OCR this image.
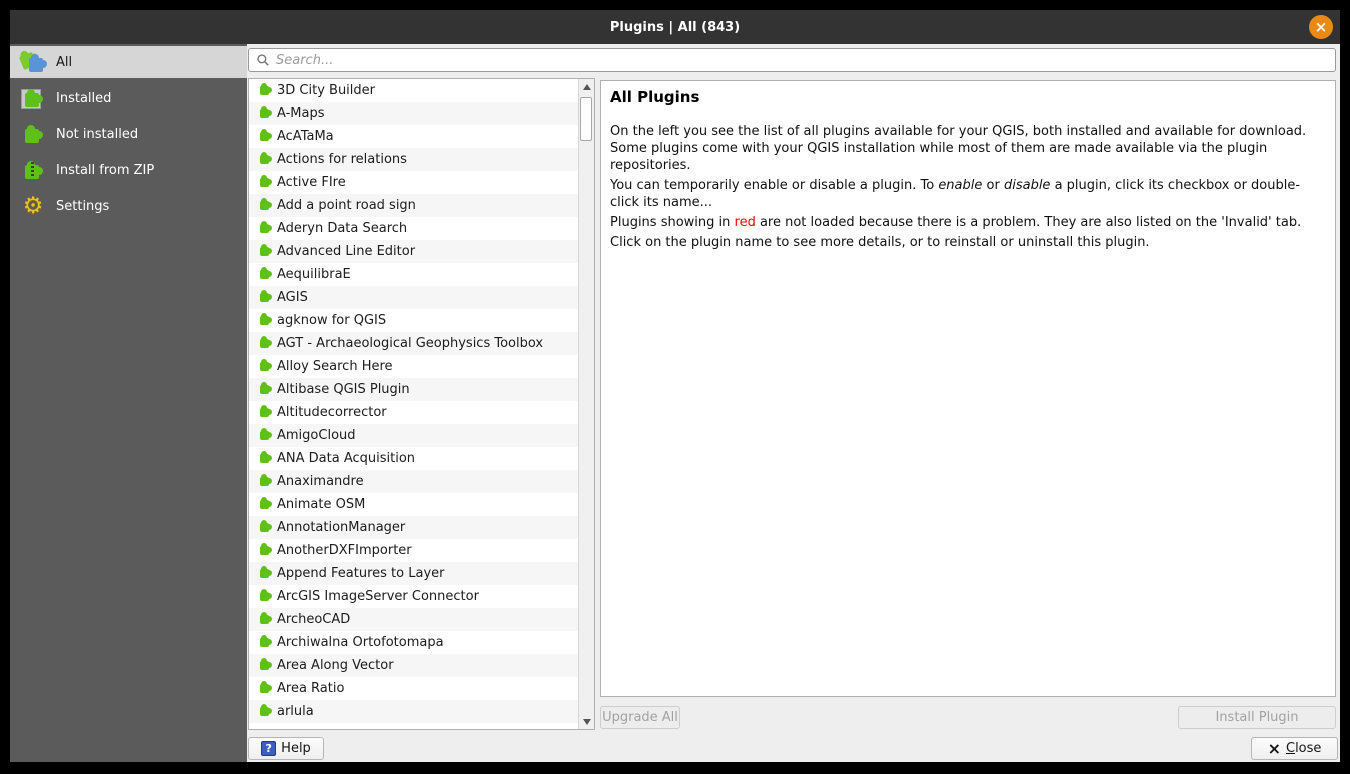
Plugins | All (843)	×
All
Installed
Not installed
Install from ZIP
⚙ Settings
Search...
3D City Builder
A-Maps
AcATaMa
Actions for relations
Active FIre
Add a point road sign
Aderyn Data Search
Advanced Line Editor
AequilibraE
AGIS
agknow for QGIS
AGT - Archaeological Geophysics Toolbox
Alloy Search Here
Altibase QGIS Plugin
Altitudecorrector
AmigoCloud
ANA Data Acquisition
Anaximandre
Animate OSM
AnnotationManager
AnotherDXFImporter
Append Features to Layer
ArcGIS ImageServer Connector
ArcheoCAD
Archiwalna Ortofotomapa
Area Along Vector
Area Ratio
arlula
All Plugins

On the left you see the list of all plugins available for your QGIS, both installed and available for download. Some plugins come with your QGIS installation while most of them are made available via the plugin repositories.

You can temporarily enable or disable a plugin. To enable or disable a plugin, click its checkbox or double-click its name...

Plugins showing in red are not loaded because there is a problem. They are also listed on the 'Invalid' tab.

Click on the plugin name to see more details, or to reinstall or uninstall this plugin.

Upgrade All	Install Plugin
? Help	× Close
